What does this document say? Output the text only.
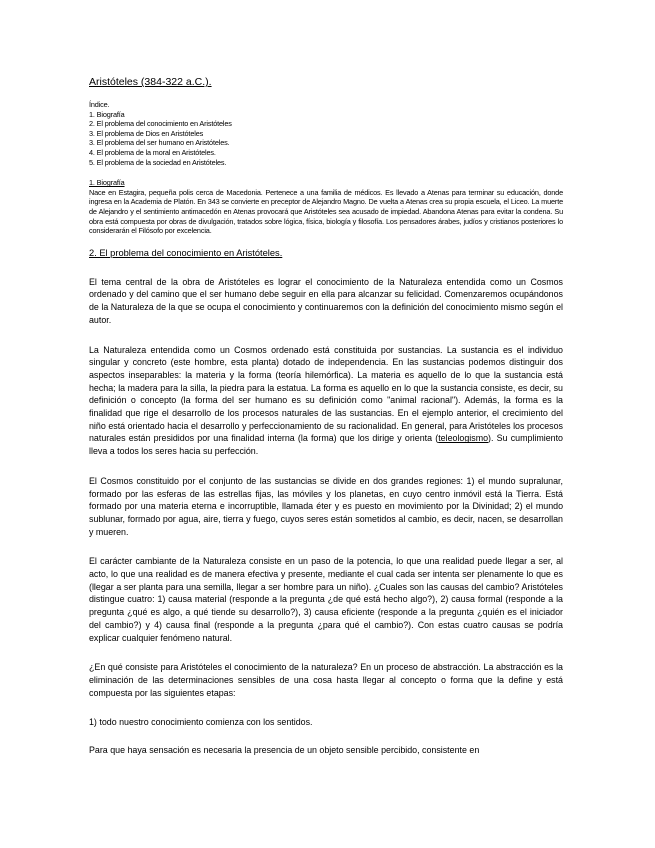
Aristóteles (384-322 a.C.).
Índice.
1. Biografía
2. El problema del conocimiento en Aristóteles
3. El problema de Dios en Aristóteles
3. El problema del ser humano en Aristóteles.
4. El problema de la moral en Aristóteles.
5. El problema de la sociedad en Aristóteles.
1. Biografía
Nace en Estagira, pequeña polis cerca de Macedonia. Pertenece a una familia de médicos. Es llevado a Atenas para terminar su educación, donde ingresa en la Academia de Platón. En 343 se convierte en preceptor de Alejandro Magno. De vuelta a Atenas crea su propia escuela, el Liceo. La muerte de Alejandro y el sentimiento antimacedón en Atenas provocará que Aristóteles sea acusado de impiedad. Abandona Atenas para evitar la condena. Su obra está compuesta por obras de divulgación, tratados sobre lógica, física, biología y filosofía. Los pensadores árabes, judíos y cristianos posteriores lo considerarán el Filósofo por excelencia.
2. El problema del conocimiento en Aristóteles.

El tema central de la obra de Aristóteles es lograr el conocimiento de la Naturaleza entendida como un Cosmos ordenado y del camino que el ser humano debe seguir en ella para alcanzar su felicidad. Comenzaremos ocupándonos de la Naturaleza de la que se ocupa el conocimiento y continuaremos con la definición del conocimiento mismo según el autor.

La Naturaleza entendida como un Cosmos ordenado está constituida por sustancias. La sustancia es el individuo singular y concreto (este hombre, esta planta) dotado de independencia. En las sustancias podemos distinguir dos aspectos inseparables: la materia y la forma (teoría hilemórfica). La materia es aquello de lo que la sustancia está hecha; la madera para la silla, la piedra para la estatua. La forma es aquello en lo que la sustancia consiste, es decir, su definición o concepto (la forma del ser humano es su definición como "animal racional"). Además, la forma es la finalidad que rige el desarrollo de los procesos naturales de las sustancias. En el ejemplo anterior, el crecimiento del niño está orientado hacia el desarrollo y perfeccionamiento de su racionalidad. En general, para Aristóteles los procesos naturales están presididos por una finalidad interna (la forma) que los dirige y orienta (teleologismo). Su cumplimiento lleva a todos los seres hacia su perfección.

El Cosmos constituido por el conjunto de las sustancias se divide en dos grandes regiones: 1) el mundo supralunar, formado por las esferas de las estrellas fijas, las móviles y los planetas, en cuyo centro inmóvil está la Tierra. Está formado por una materia eterna e incorruptible, llamada éter y es puesto en movimiento por la Divinidad; 2) el mundo sublunar, formado por agua, aire, tierra y fuego, cuyos seres están sometidos al cambio, es decir, nacen, se desarrollan y mueren.

El carácter cambiante de la Naturaleza consiste en un paso de la potencia, lo que una realidad puede llegar a ser, al acto, lo que una realidad es de manera efectiva y presente, mediante el cual cada ser intenta ser plenamente lo que es (llegar a ser planta para una semilla, llegar a ser hombre para un niño). ¿Cuales son las causas del cambio? Aristóteles distingue cuatro: 1) causa material (responde a la pregunta ¿de qué está hecho algo?), 2) causa formal (responde a la pregunta ¿qué es algo, a qué tiende su desarrollo?), 3) causa eficiente (responde a la pregunta ¿quién es el iniciador del cambio?) y 4) causa final (responde a la pregunta ¿para qué el cambio?). Con estas cuatro causas se podría explicar cualquier fenómeno natural.

¿En qué consiste para Aristóteles el conocimiento de la naturaleza? En un proceso de abstracción. La abstracción es la eliminación de las determinaciones sensibles de una cosa hasta llegar al concepto o forma que la define y está compuesta por las siguientes etapas:

1) todo nuestro conocimiento comienza con los sentidos.

Para que haya sensación es necesaria la presencia de un objeto sensible percibido, consistente en
